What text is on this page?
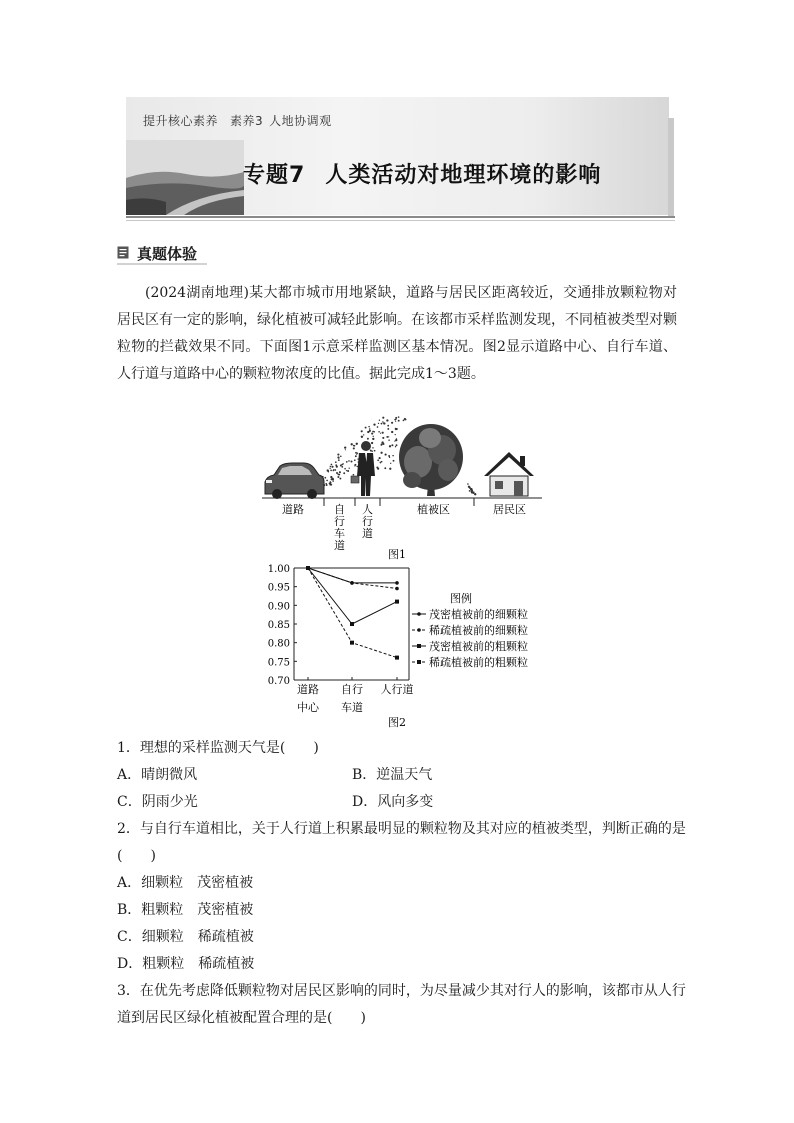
提升核心素养 素养3 人地协调观
专题7 人类活动对地理环境的影响
真题体验
(2024湖南地理)某大都市城市用地紧缺，道路与居民区距离较近，交通排放颗粒物对居民区有一定的影响，绿化植被可减轻此影响。在该都市采样监测发现，不同植被类型对颗粒物的拦截效果不同。下面图1示意采样监测区基本情况。图2显示道路中心、自行车道、人行道与道路中心的颗粒物浓度的比值。据此完成1～3题。
道路	自
行
车
道
人
行
道
植被区	居民区
图1
1.00
0.95
0.90
0.85
0.80
0.75
0.70
道路
中心
自行
车道
人行道
图例
茂密植被前的细颗粒
稀疏植被前的细颗粒
茂密植被前的粗颗粒
稀疏植被前的粗颗粒
图2
1．理想的采样监测天气是(　　)
A．晴朗微风	B．逆温天气
C．阴雨少光	D．风向多变
2．与自行车道相比，关于人行道上积累最明显的颗粒物及其对应的植被类型，判断正确的是
(　　)
A．细颗粒　茂密植被
B．粗颗粒　茂密植被
C．细颗粒　稀疏植被
D．粗颗粒　稀疏植被
3．在优先考虑降低颗粒物对居民区影响的同时，为尽量减少其对行人的影响，该都市从人行
道到居民区绿化植被配置合理的是(　　)
